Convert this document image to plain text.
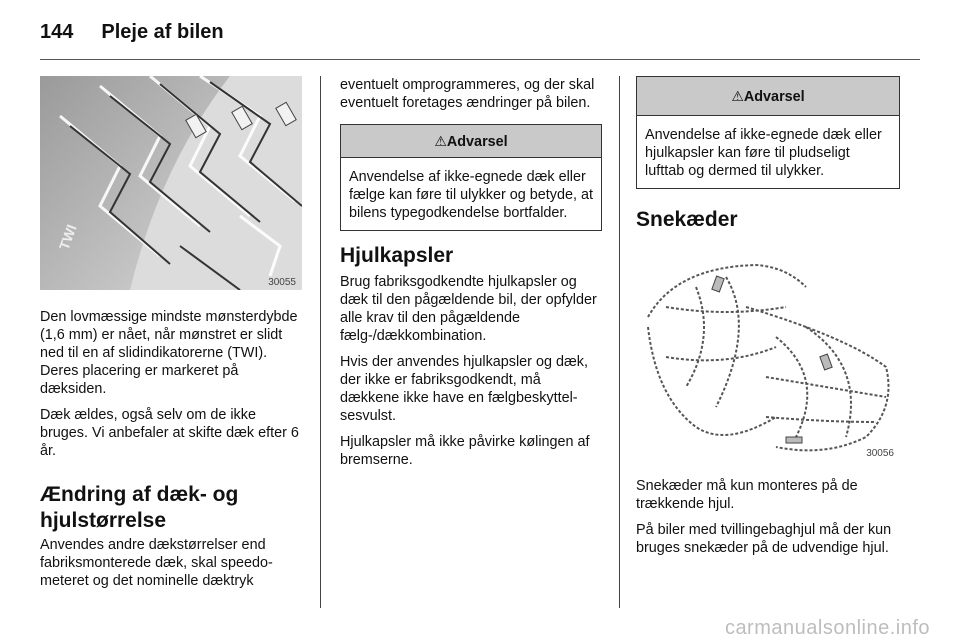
144 Pleje af bilen
TWI
30055

Den lovmæssige mindste mønsterdybde (1,6 mm) er nået, når mønstret er slidt ned til en af slidindikatorerne (TWI). Deres placering er markeret på dæksiden.

Dæk ældes, også selv om de ikke bruges. Vi anbefaler at skifte dæk efter 6 år.

Ændring af dæk- og hjulstørrelse

Anvendes andre dækstørrelser end fabriksmonterede dæk, skal speedometeret og det nominelle dæktryk

eventuelt omprogrammeres, og der skal eventuelt foretages ændringer på bilen.

⚠Advarsel
Anvendelse af ikke-egnede dæk eller fælge kan føre til ulykker og betyde, at bilens typegodkendelse bortfalder.
Hjulkapsler

Brug fabriksgodkendte hjulkapsler og dæk til den pågældende bil, der opfylder alle krav til den pågældende fælg-/dækkombination.

Hvis der anvendes hjulkapsler og dæk, der ikke er fabriksgodkendt, må dækkene ikke have en fælgbeskyttelsesvulst.

Hjulkapsler må ikke påvirke kølingen af bremserne.

⚠Advarsel
Anvendelse af ikke-egnede dæk eller hjulkapsler kan føre til pludseligt lufttab og dermed til ulykker.
Snekæder
30056

Snekæder må kun monteres på de trækkende hjul.

På biler med tvillingebaghjul må der kun bruges snekæder på de udvendige hjul.

carmanualsonline.info
